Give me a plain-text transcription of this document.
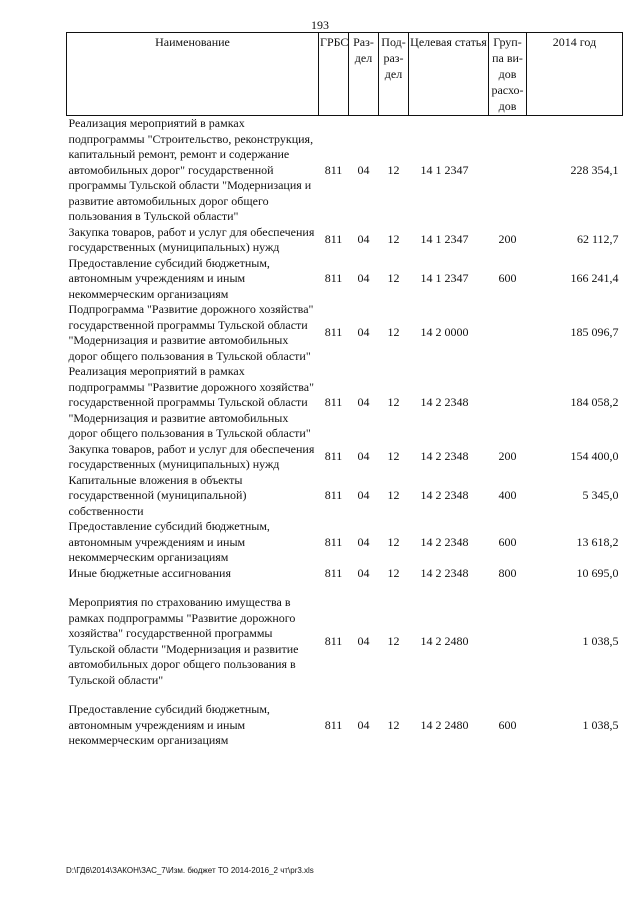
193
Наименование	ГРБС	Раз-дел	Под-раз-дел	Целевая статья	Груп-па ви-дов расхо-дов	2014 год
Реализация мероприятий в рамках подпрограммы "Строительство, реконструкция, капитальный ремонт, ремонт и содержание автомобильных дорог" государственной программы Тульской области "Модернизация и развитие автомобильных дорог общего пользования в Тульской области"	811	04	12	14 1 2347		228 354,1
Закупка товаров, работ и услуг для обеспечения государственных (муниципальных) нужд	811	04	12	14 1 2347	200	62 112,7
Предоставление субсидий бюджетным, автономным учреждениям и иным некоммерческим организациям	811	04	12	14 1 2347	600	166 241,4
Подпрограмма "Развитие дорожного хозяйства" государственной программы Тульской области "Модернизация и развитие автомобильных дорог общего пользования в Тульской области"	811	04	12	14 2 0000		185 096,7
Реализация мероприятий в рамках подпрограммы "Развитие дорожного хозяйства" государственной программы Тульской области "Модернизация и развитие автомобильных дорог общего пользования в Тульской области"	811	04	12	14 2 2348		184 058,2
Закупка товаров, работ и услуг для обеспечения государственных (муниципальных) нужд	811	04	12	14 2 2348	200	154 400,0
Капитальные вложения в объекты государственной (муниципальной) собственности	811	04	12	14 2 2348	400	5 345,0
Предоставление субсидий бюджетным, автономным учреждениям и иным некоммерческим организациям	811	04	12	14 2 2348	600	13 618,2
Иные бюджетные ассигнования	811	04	12	14 2 2348	800	10 695,0
Мероприятия по страхованию имущества в рамках подпрограммы "Развитие дорожного хозяйства" государственной программы Тульской области "Модернизация и развитие автомобильных дорог общего пользования в Тульской области"	811	04	12	14 2 2480		1 038,5
Предоставление субсидий бюджетным, автономным учреждениям и иным некоммерческим организациям	811	04	12	14 2 2480	600	1 038,5
D:\ГД6\2014\ЗАКОН\ЗАС_7\Изм. бюджет ТО 2014-2016_2 чт\pr3.xls
